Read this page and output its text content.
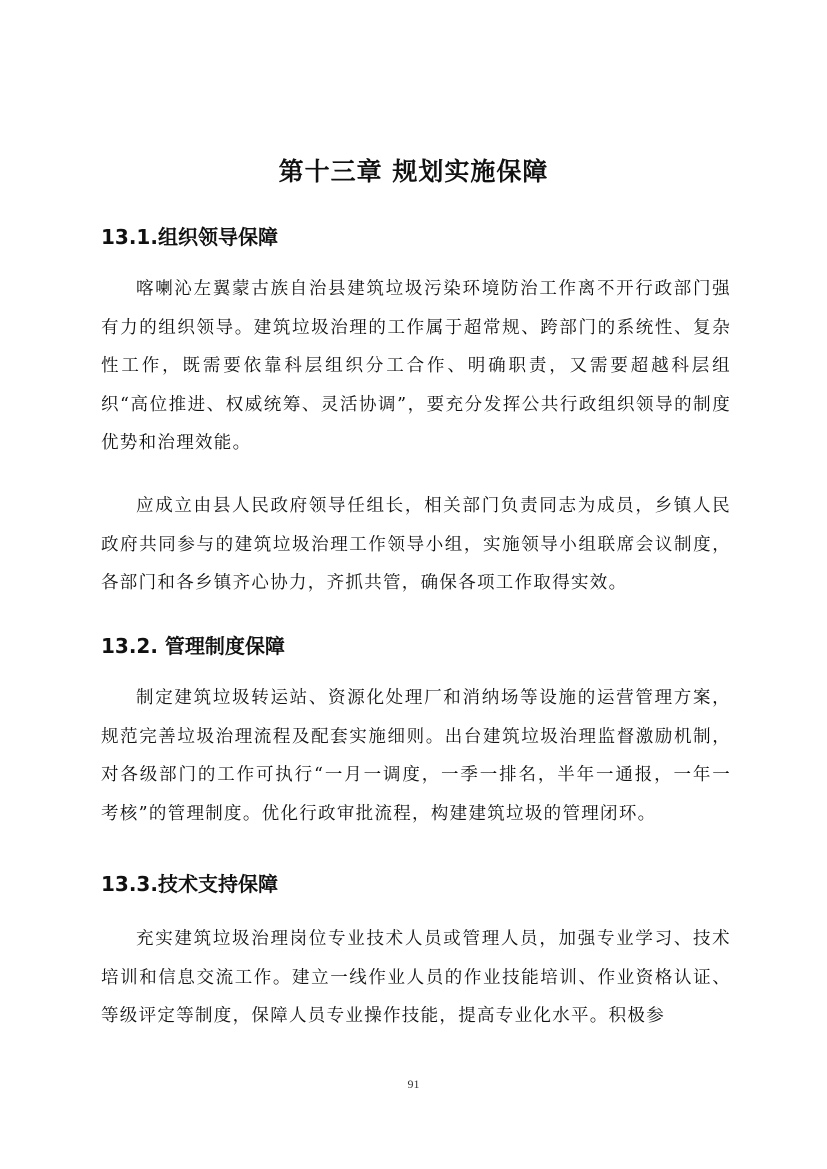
第十三章 规划实施保障
13.1.组织领导保障

喀喇沁左翼蒙古族自治县建筑垃圾污染环境防治工作离不开行政部门强有力的组织领导。建筑垃圾治理的工作属于超常规、跨部门的系统性、复杂性工作，既需要依靠科层组织分工合作、明确职责，又需要超越科层组织“高位推进、权威统筹、灵活协调”，要充分发挥公共行政组织领导的制度优势和治理效能。

应成立由县人民政府领导任组长，相关部门负责同志为成员，乡镇人民政府共同参与的建筑垃圾治理工作领导小组，实施领导小组联席会议制度，各部门和各乡镇齐心协力，齐抓共管，确保各项工作取得实效。

13.2. 管理制度保障

制定建筑垃圾转运站、资源化处理厂和消纳场等设施的运营管理方案，规范完善垃圾治理流程及配套实施细则。出台建筑垃圾治理监督激励机制，对各级部门的工作可执行“一月一调度，一季一排名，半年一通报，一年一考核”的管理制度。优化行政审批流程，构建建筑垃圾的管理闭环。

13.3.技术支持保障

充实建筑垃圾治理岗位专业技术人员或管理人员，加强专业学习、技术培训和信息交流工作。建立一线作业人员的作业技能培训、作业资格认证、等级评定等制度，保障人员专业操作技能，提高专业化水平。积极参

91
